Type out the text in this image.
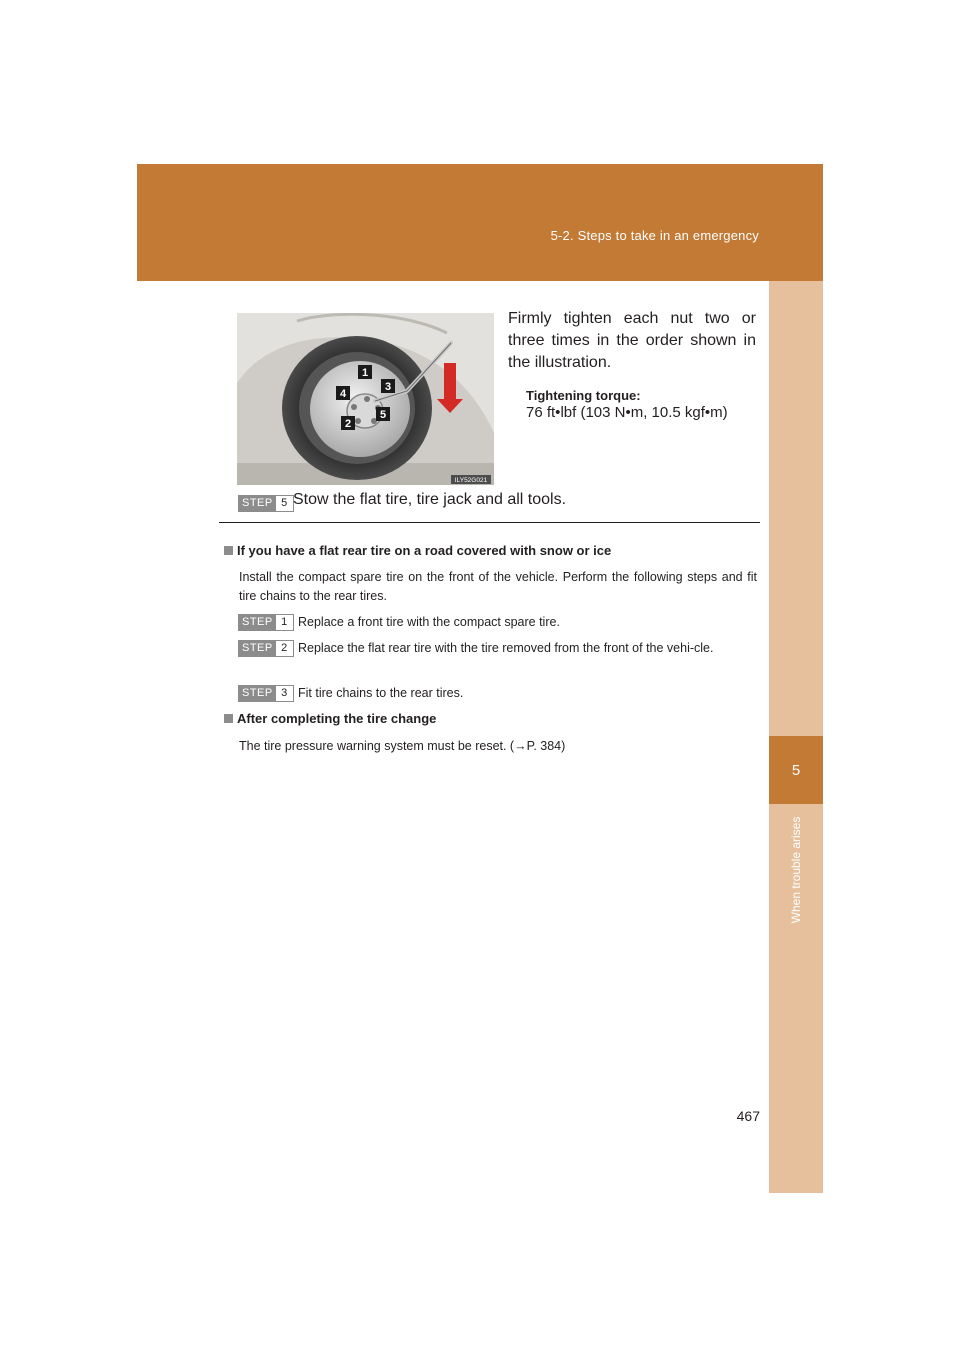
5-2. Steps to take in an emergency
5
When trouble arises
1
2
3
4
5
ILY52G021
Firmly tighten each nut two or three times in the order shown in the illustration.
Tightening torque:
76 ft•lbf (103 N•m, 10.5 kgf•m)
STEP 5 Stow the flat tire, tire jack and all tools.
If you have a flat rear tire on a road covered with snow or ice
Install the compact spare tire on the front of the vehicle. Perform the following steps and fit tire chains to the rear tires.
STEP 1 Replace a front tire with the compact spare tire.
STEP 2 Replace the flat rear tire with the tire removed from the front of the vehi-cle.
STEP 3 Fit tire chains to the rear tires.
After completing the tire change
The tire pressure warning system must be reset. (→P. 384)
467
